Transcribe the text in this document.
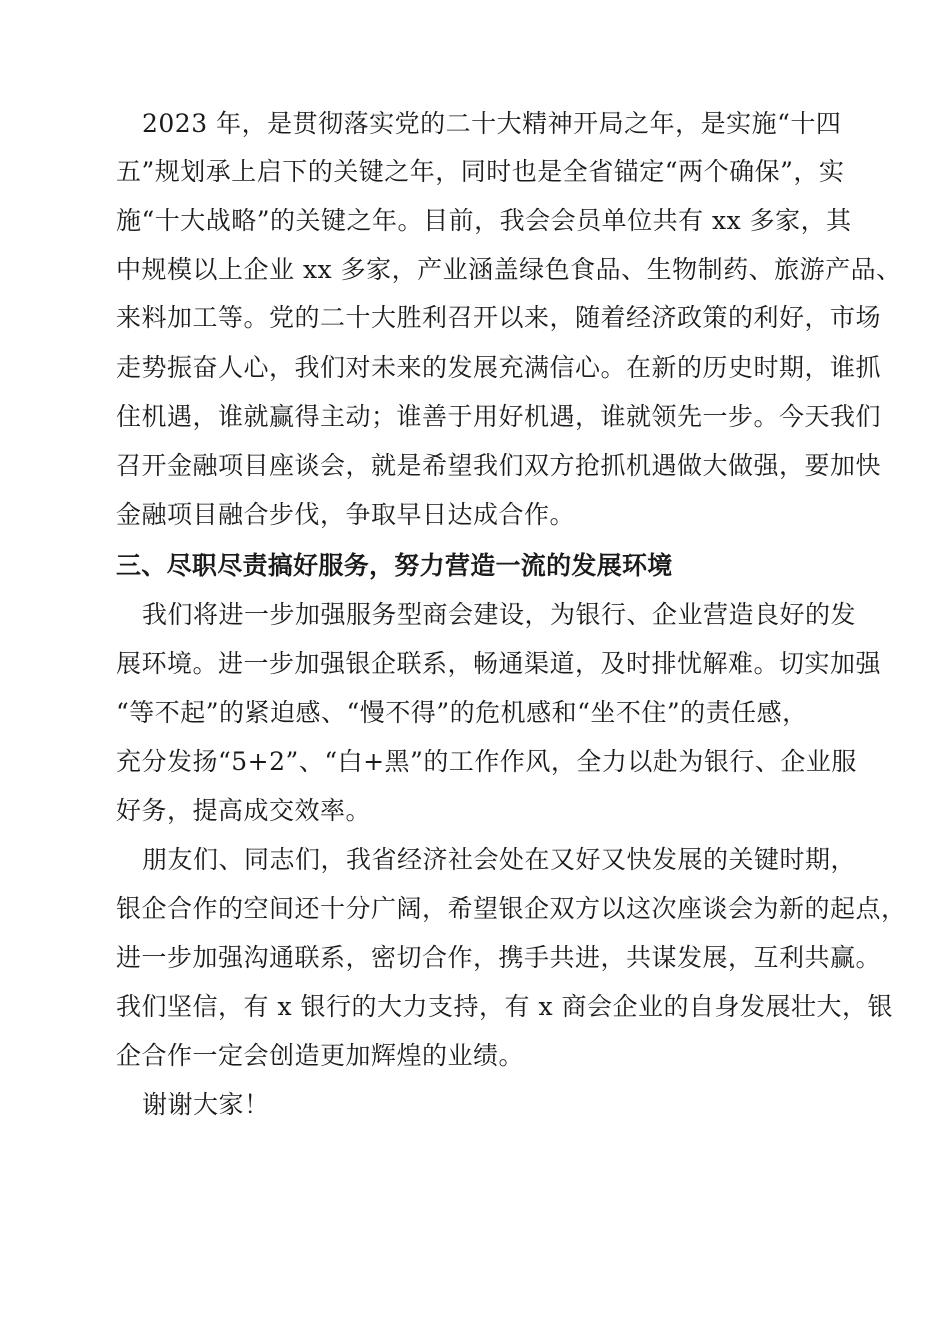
2023 年，是贯彻落实党的二十大精神开局之年，是实施“十四
五”规划承上启下的关键之年，同时也是全省锚定“两个确保”，实
施“十大战略”的关键之年。目前，我会会员单位共有 xx 多家，其
中规模以上企业 xx 多家，产业涵盖绿色食品、生物制药、旅游产品、
来料加工等。党的二十大胜利召开以来，随着经济政策的利好，市场
走势振奋人心，我们对未来的发展充满信心。在新的历史时期，谁抓
住机遇，谁就赢得主动；谁善于用好机遇，谁就领先一步。今天我们
召开金融项目座谈会，就是希望我们双方抢抓机遇做大做强，要加快
金融项目融合步伐，争取早日达成合作。
三、尽职尽责搞好服务，努力营造一流的发展环境
我们将进一步加强服务型商会建设，为银行、企业营造良好的发
展环境。进一步加强银企联系，畅通渠道，及时排忧解难。切实加强
“等不起”的紧迫感、“慢不得”的危机感和“坐不住”的责任感，
充分发扬“5+2”、“白+黑”的工作作风，全力以赴为银行、企业服
好务，提高成交效率。
朋友们、同志们，我省经济社会处在又好又快发展的关键时期，
银企合作的空间还十分广阔，希望银企双方以这次座谈会为新的起点，
进一步加强沟通联系，密切合作，携手共进，共谋发展，互利共赢。
我们坚信，有 x 银行的大力支持，有 x 商会企业的自身发展壮大，银
企合作一定会创造更加辉煌的业绩。
谢谢大家！
